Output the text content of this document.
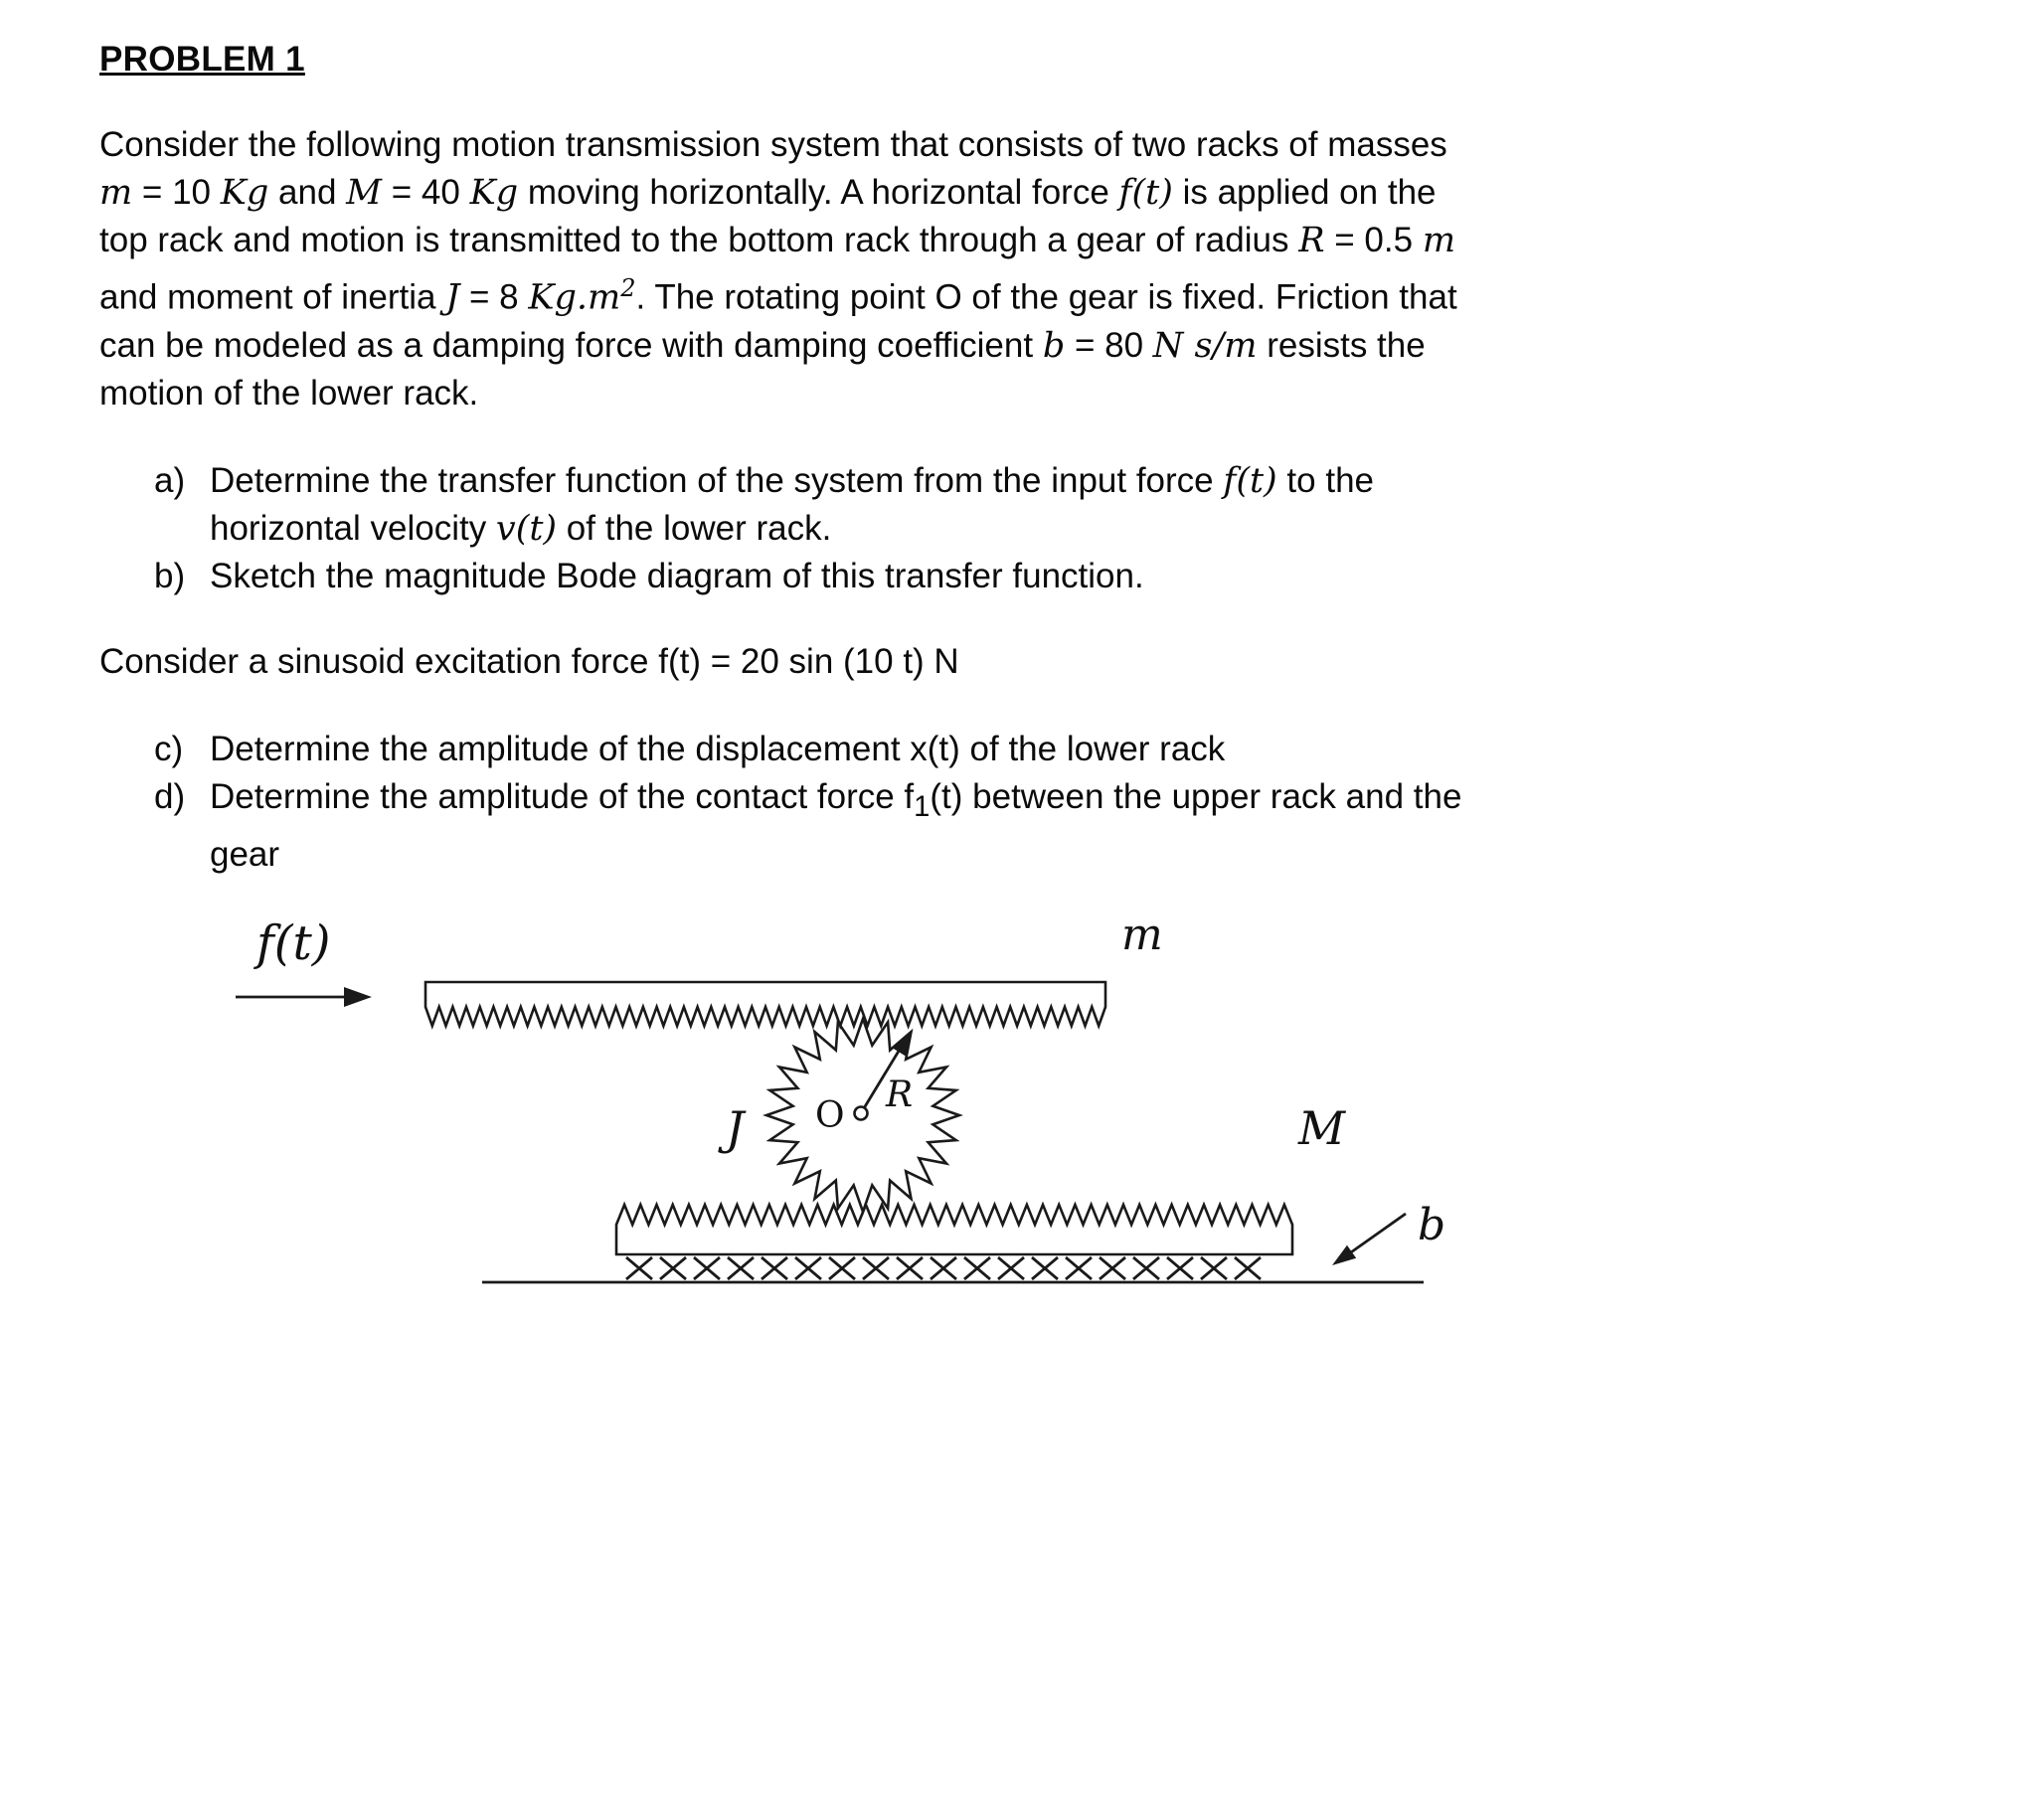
PROBLEM 1
Consider the following motion transmission system that consists of two racks of masses m = 10 Kg and M = 40 Kg moving horizontally. A horizontal force f(t) is applied on the top rack and motion is transmitted to the bottom rack through a gear of radius R = 0.5 m and moment of inertia J = 8 $Kg.m^2$. The rotating point O of the gear is fixed. Friction that can be modeled as a damping force with damping coefficient b = 80 N s/m resists the motion of the lower rack.
a) Determine the transfer function of the system from the input force f(t) to the horizontal velocity v(t) of the lower rack.
b) Sketch the magnitude Bode diagram of this transfer function.
Consider a sinusoid excitation force f(t) = 20 sin (10 t) N
c) Determine the amplitude of the displacement x(t) of the lower rack
d) Determine the amplitude of the contact force $f_1(t)$ between the upper rack and the gear
f(t)	m
O
R
J	M
b
